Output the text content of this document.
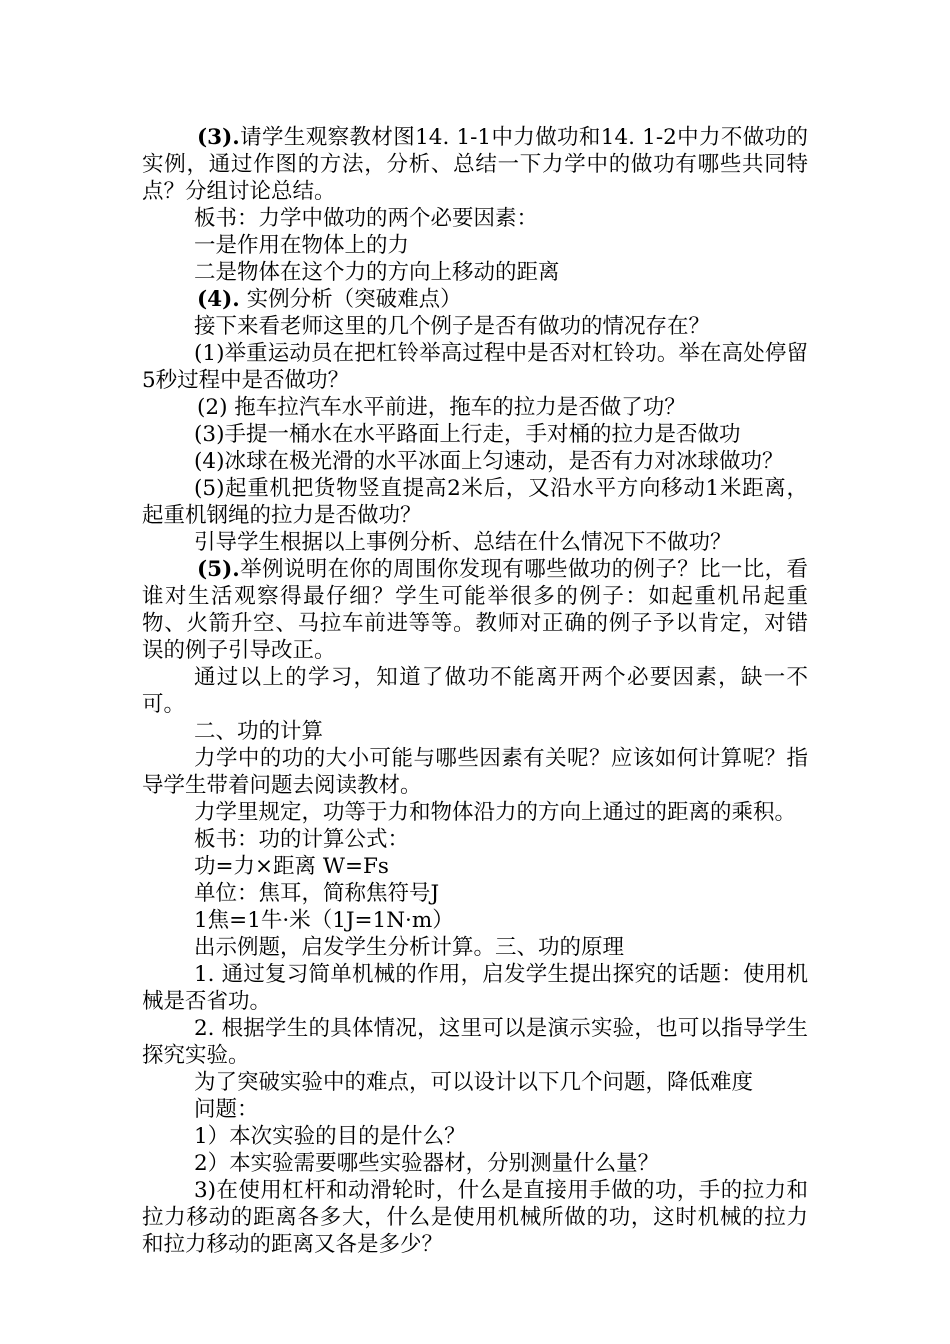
(3).请学生观察教材图14. 1-1中力做功和14. 1-2中力不做功的实例，通过作图的方法，分析、总结一下力学中的做功有哪些共同特点？分组讨论总结。

板书：力学中做功的两个必要因素：

一是作用在物体上的力

二是物体在这个力的方向上移动的距离

(4). 实例分析（突破难点）

接下来看老师这里的几个例子是否有做功的情况存在？

(1)举重运动员在把杠铃举高过程中是否对杠铃功。举在高处停留5秒过程中是否做功？

(2) 拖车拉汽车水平前进，拖车的拉力是否做了功？

(3)手提一桶水在水平路面上行走，手对桶的拉力是否做功

(4)冰球在极光滑的水平冰面上匀速动，是否有力对冰球做功？

(5)起重机把货物竖直提高2米后，又沿水平方向移动1米距离，起重机钢绳的拉力是否做功？

引导学生根据以上事例分析、总结在什么情况下不做功？

(5).举例说明在你的周围你发现有哪些做功的例子？比一比，看谁对生活观察得最仔细？学生可能举很多的例子：如起重机吊起重物、火箭升空、马拉车前进等等。教师对正确的例子予以肯定，对错误的例子引导改正。

通过以上的学习，知道了做功不能离开两个必要因素，缺一不可。

二、功的计算

力学中的功的大小可能与哪些因素有关呢？应该如何计算呢？指导学生带着问题去阅读教材。

力学里规定，功等于力和物体沿力的方向上通过的距离的乘积。

板书：功的计算公式：

功=力×距离 W=Fs

单位：焦耳，简称焦符号J

1焦=1牛·米（1J=1N·m）

出示例题，启发学生分析计算。三、功的原理

1. 通过复习简单机械的作用，启发学生提出探究的话题：使用机械是否省功。

2. 根据学生的具体情况，这里可以是演示实验，也可以指导学生探究实验。

为了突破实验中的难点，可以设计以下几个问题，降低难度

问题：

1）本次实验的目的是什么？

2）本实验需要哪些实验器材，分别测量什么量？

3)在使用杠杆和动滑轮时，什么是直接用手做的功，手的拉力和拉力移动的距离各多大，什么是使用机械所做的功，这时机械的拉力和拉力移动的距离又各是多少？
